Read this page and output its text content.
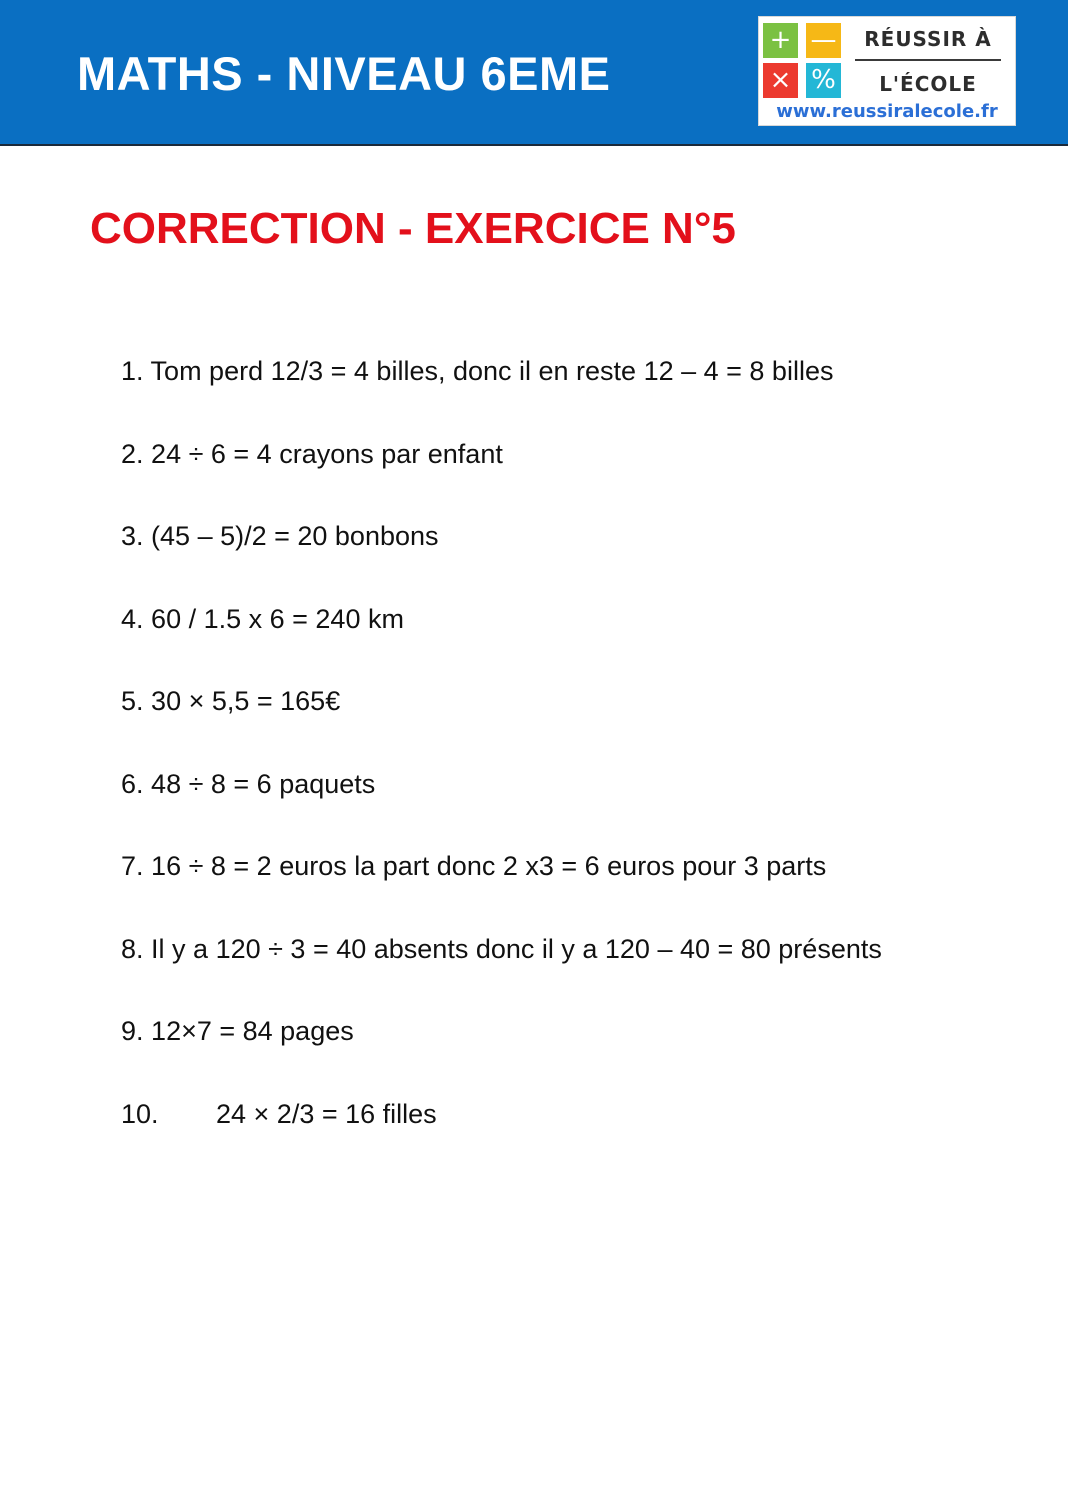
MATHS - NIVEAU 6EME
+ —
× %
RÉUSSIR À
L'ÉCOLE
www.reussiralecole.fr
CORRECTION - EXERCICE N°5
1. Tom perd 12/3 = 4 billes, donc il en reste 12 – 4 = 8 billes
2. 24 ÷ 6 = 4 crayons par enfant
3. (45 – 5)/2 = 20 bonbons
4. 60 / 1.5 x 6 = 240 km
5. 30 × 5,5 = 165€
6. 48 ÷ 8 = 6 paquets
7. 16 ÷ 8 = 2 euros la part donc 2 x3 = 6 euros pour 3 parts
8. Il y a 120 ÷ 3 = 40 absents donc il y a 120 – 40 = 80 présents
9. 12×7 = 84 pages
10. 24 × 2/3 = 16 filles
